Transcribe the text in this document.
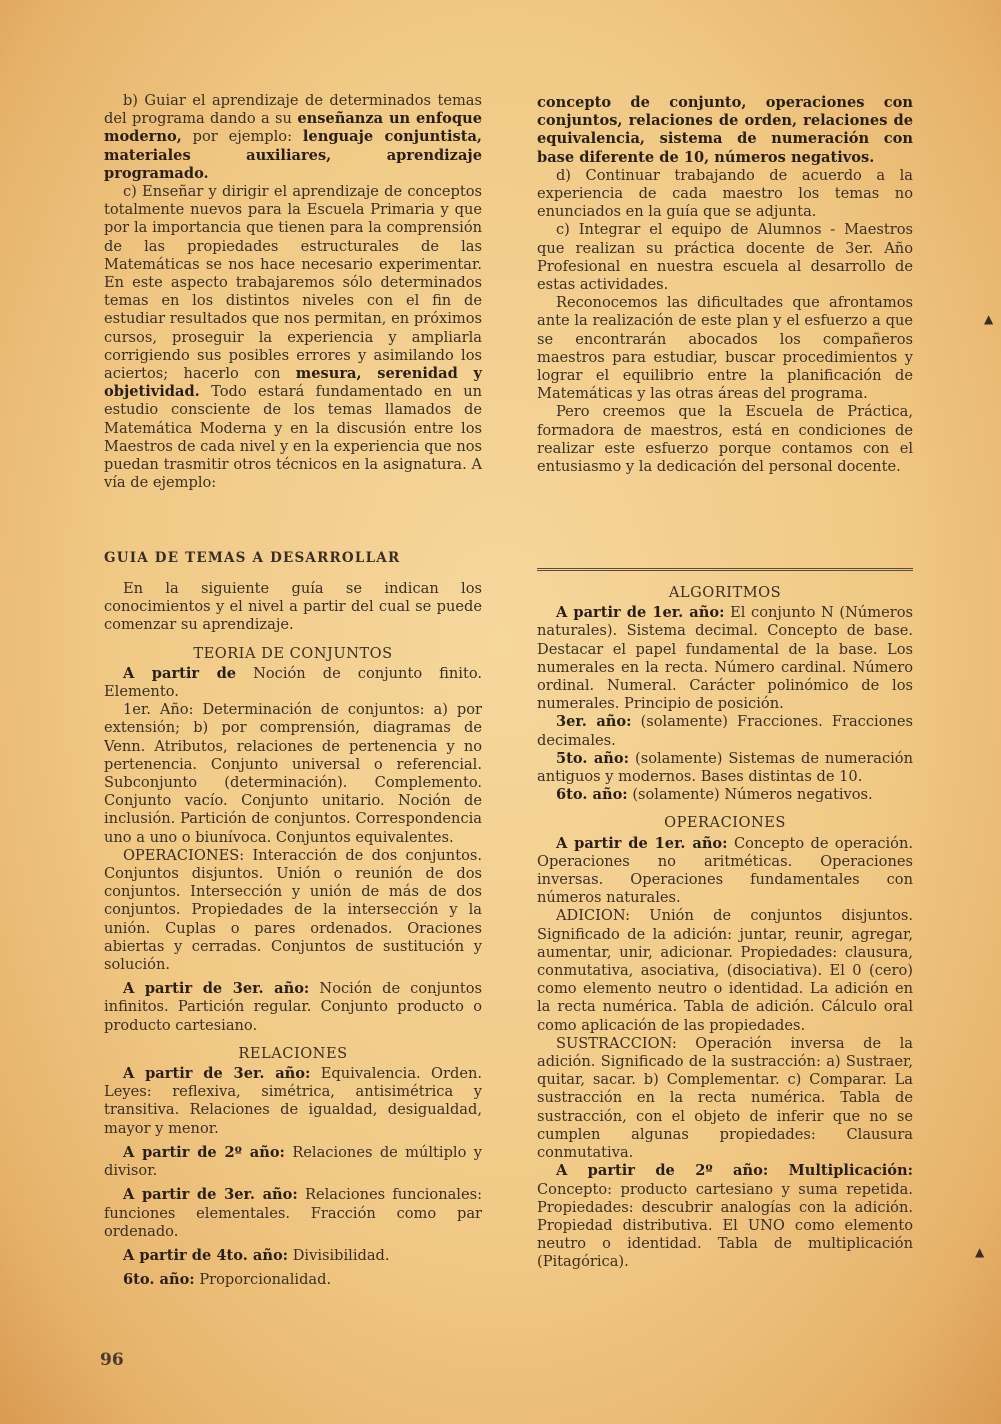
b) Guiar el aprendizaje de determinados temas del programa dando a su enseñanza un enfoque moderno, por ejemplo: lenguaje conjuntista, materiales auxiliares, aprendizaje programado.

c) Enseñar y dirigir el aprendizaje de conceptos totalmente nuevos para la Escuela Primaria y que por la importancia que tienen para la comprensión de las propiedades estructurales de las Matemáticas se nos hace necesario experimentar. En este aspecto trabajaremos sólo determinados temas en los distintos niveles con el fin de estudiar resultados que nos permitan, en próximos cursos, proseguir la experiencia y ampliarla corrigiendo sus posibles errores y asimilando los aciertos; hacerlo con mesura, serenidad y objetividad. Todo estará fundamentado en un estudio consciente de los temas llamados de Matemática Moderna y en la discusión entre los Maestros de cada nivel y en la experiencia que nos puedan trasmitir otros técnicos en la asignatura. A vía de ejemplo:

concepto de conjunto, operaciones con conjuntos, relaciones de orden, relaciones de equivalencia, sistema de numeración con base diferente de 10, números negativos.

d) Continuar trabajando de acuerdo a la experiencia de cada maestro los temas no enunciados en la guía que se adjunta.

c) Integrar el equipo de Alumnos - Maestros que realizan su práctica docente de 3er. Año Profesional en nuestra escuela al desarrollo de estas actividades.

Reconocemos las dificultades que afrontamos ante la realización de este plan y el esfuerzo a que se encontrarán abocados los compañeros maestros para estudiar, buscar procedimientos y lograr el equilibrio entre la planificación de Matemáticas y las otras áreas del programa.

Pero creemos que la Escuela de Práctica, formadora de maestros, está en condiciones de realizar este esfuerzo porque contamos con el entusiasmo y la dedicación del personal docente.

GUIA DE TEMAS A DESARROLLAR

En la siguiente guía se indican los conocimientos y el nivel a partir del cual se puede comenzar su aprendizaje.

TEORIA DE CONJUNTOS

A partir de Noción de conjunto finito. Elemento.

1er. Año: Determinación de conjuntos: a) por extensión; b) por comprensión, diagramas de Venn. Atributos, relaciones de pertenencia y no pertenencia. Conjunto universal o referencial. Subconjunto (determinación). Complemento. Conjunto vacío. Conjunto unitario. Noción de inclusión. Partición de conjuntos. Correspondencia uno a uno o biunívoca. Conjuntos equivalentes.

OPERACIONES: Interacción de dos conjuntos. Conjuntos disjuntos. Unión o reunión de dos conjuntos. Intersección y unión de más de dos conjuntos. Propiedades de la intersección y la unión. Cuplas o pares ordenados. Oraciones abiertas y cerradas. Conjuntos de sustitución y solución.

A partir de 3er. año: Noción de conjuntos infinitos. Partición regular. Conjunto producto o producto cartesiano.

RELACIONES

A partir de 3er. año: Equivalencia. Orden. Leyes: reflexiva, simétrica, antisimétrica y transitiva. Relaciones de igualdad, desigualdad, mayor y menor.

A partir de 2º año: Relaciones de múltiplo y divisor.

A partir de 3er. año: Relaciones funcionales: funciones elementales. Fracción como par ordenado.

A partir de 4to. año: Divisibilidad.

6to. año: Proporcionalidad.

ALGORITMOS

A partir de 1er. año: El conjunto N (Números naturales). Sistema decimal. Concepto de base. Destacar el papel fundamental de la base. Los numerales en la recta. Número cardinal. Número ordinal. Numeral. Carácter polinómico de los numerales. Principio de posición.

3er. año: (solamente) Fracciones. Fracciones decimales.

5to. año: (solamente) Sistemas de numeración antiguos y modernos. Bases distintas de 10.

6to. año: (solamente) Números negativos.

OPERACIONES

A partir de 1er. año: Concepto de operación. Operaciones no aritméticas. Operaciones inversas. Operaciones fundamentales con números naturales.

ADICION: Unión de conjuntos disjuntos. Significado de la adición: juntar, reunir, agregar, aumentar, unir, adicionar. Propiedades: clausura, conmutativa, asociativa, (disociativa). El 0 (cero) como elemento neutro o identidad. La adición en la recta numérica. Tabla de adición. Cálculo oral como aplicación de las propiedades.

SUSTRACCION: Operación inversa de la adición. Significado de la sustracción: a) Sustraer, quitar, sacar. b) Complementar. c) Comparar. La sustracción en la recta numérica. Tabla de sustracción, con el objeto de inferir que no se cumplen algunas propiedades: Clausura conmutativa.

A partir de 2º año: Multiplicación: Concepto: producto cartesiano y suma repetida. Propiedades: descubrir analogías con la adición. Propiedad distributiva. El UNO como elemento neutro o identidad. Tabla de multiplicación (Pitagórica).

96
▲
▲
